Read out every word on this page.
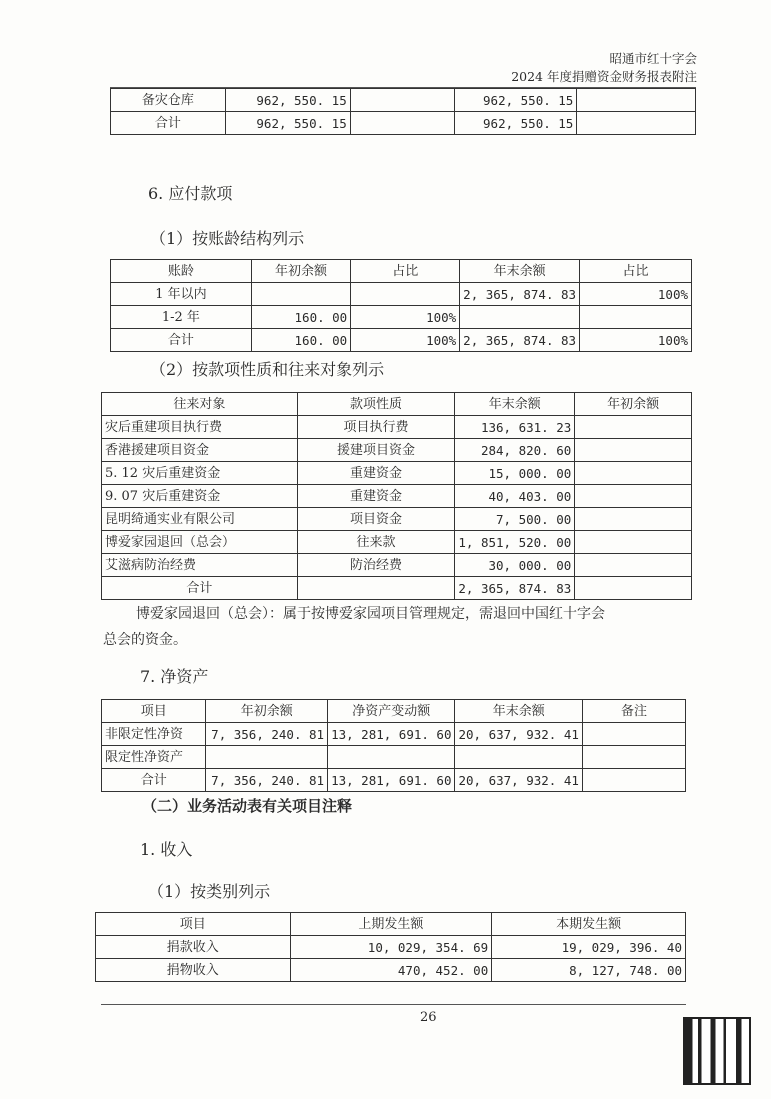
昭通市红十字会
2024 年度捐赠资金财务报表附注
备灾仓库	962, 550. 15		962, 550. 15	
合计	962, 550. 15		962, 550. 15	
6. 应付款项
（1）按账龄结构列示
账龄	年初余额	占比	年末余额	占比
1 年以内			2, 365, 874. 83	100%
1-2 年	160. 00	100%		
合计	160. 00	100%	2, 365, 874. 83	100%
（2）按款项性质和往来对象列示
往来对象	款项性质	年末余额	年初余额
灾后重建项目执行费	项目执行费	136, 631. 23	
香港援建项目资金	援建项目资金	284, 820. 60	
5. 12 灾后重建资金	重建资金	15, 000. 00	
9. 07 灾后重建资金	重建资金	40, 403. 00	
昆明绮通实业有限公司	项目资金	7, 500. 00	
博爱家园退回（总会）	往来款	1, 851, 520. 00	
艾滋病防治经费	防治经费	30, 000. 00	
合计		2, 365, 874. 83	
博爱家园退回（总会）：属于按博爱家园项目管理规定，需退回中国红十字会
总会的资金。
7. 净资产
项目	年初余额	净资产变动额	年末余额	备注
非限定性净资	7, 356, 240. 81	13, 281, 691. 60	20, 637, 932. 41	
限定性净资产				
合计	7, 356, 240. 81	13, 281, 691. 60	20, 637, 932. 41	
（二）业务活动表有关项目注释
1. 收入
（1）按类别列示
项目	上期发生额	本期发生额
捐款收入	10, 029, 354. 69	19, 029, 396. 40
捐物收入	470, 452. 00	8, 127, 748. 00
26
